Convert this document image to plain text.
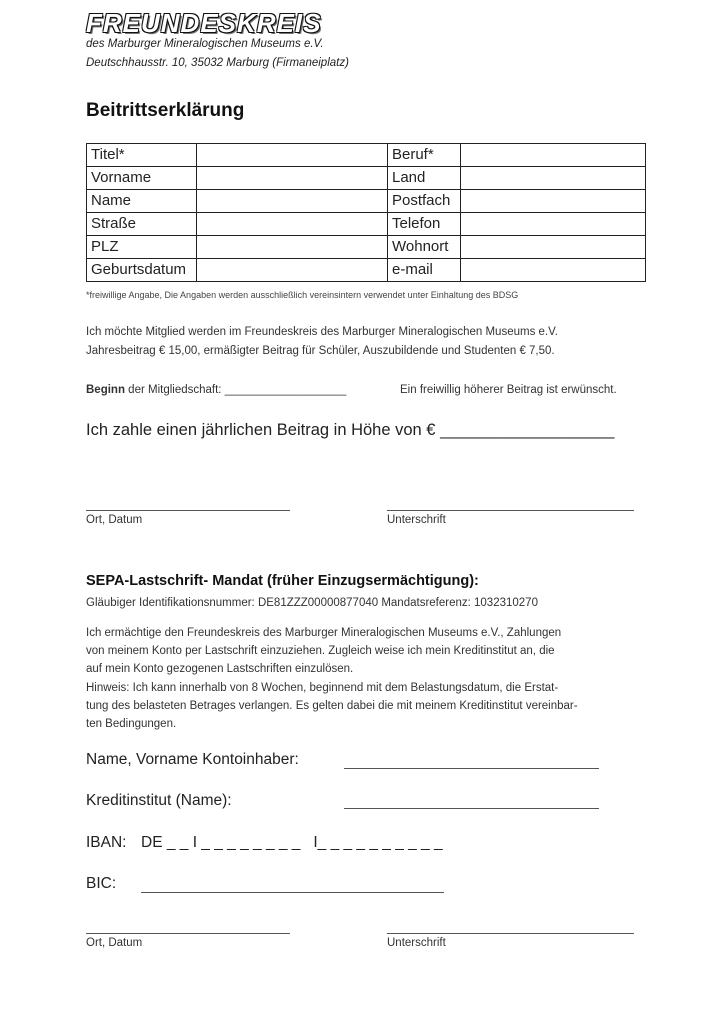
FREUNDESKREIS
des Marburger Mineralogischen Museums e.V.
Deutschhausstr. 10, 35032 Marburg (Firmaneiplatz)
Beitrittserklärung
Titel*		Beruf*	
Vorname		Land	
Name		Postfach	
Straße		Telefon	
PLZ		Wohnort	
Geburtsdatum		e-mail	
*freiwillige Angabe, Die Angaben werden ausschließlich vereinsintern verwendet unter Einhaltung des BDSG
Ich möchte Mitglied werden im Freundeskreis des Marburger Mineralogischen Museums e.V.
Jahresbeitrag € 15,00, ermäßigter Beitrag für Schüler, Auszubildende und Studenten € 7,50.
Beginn der Mitgliedschaft: ___________________	Ein freiwillig höherer Beitrag ist erwünscht.
Ich zahle einen jährlichen Beitrag in Höhe von € ___________________
Ort, Datum	Unterschrift
SEPA-Lastschrift- Mandat (früher Einzugsermächtigung):
Gläubiger Identifikationsnummer: DE81ZZZ00000877040 Mandatsreferenz: 1032310270
Ich ermächtige den Freundeskreis des Marburger Mineralogischen Museums e.V., Zahlungen
von meinem Konto per Lastschrift einzuziehen. Zugleich weise ich mein Kreditinstitut an, die
auf mein Konto gezogenen Lastschriften einzulösen.
Hinweis: Ich kann innerhalb von 8 Wochen, beginnend mit dem Belastungsdatum, die Erstat-
tung des belasteten Betrages verlangen. Es gelten dabei die mit meinem Kreditinstitut vereinbar-
ten Bedingungen.
Name, Vorname Kontoinhaber:
Kreditinstitut (Name):
IBAN: DE _ _ I _ _ _ _ _ _ _ _   I_ _ _ _ _ _ _ _ _ _
BIC:
Ort, Datum	Unterschrift
